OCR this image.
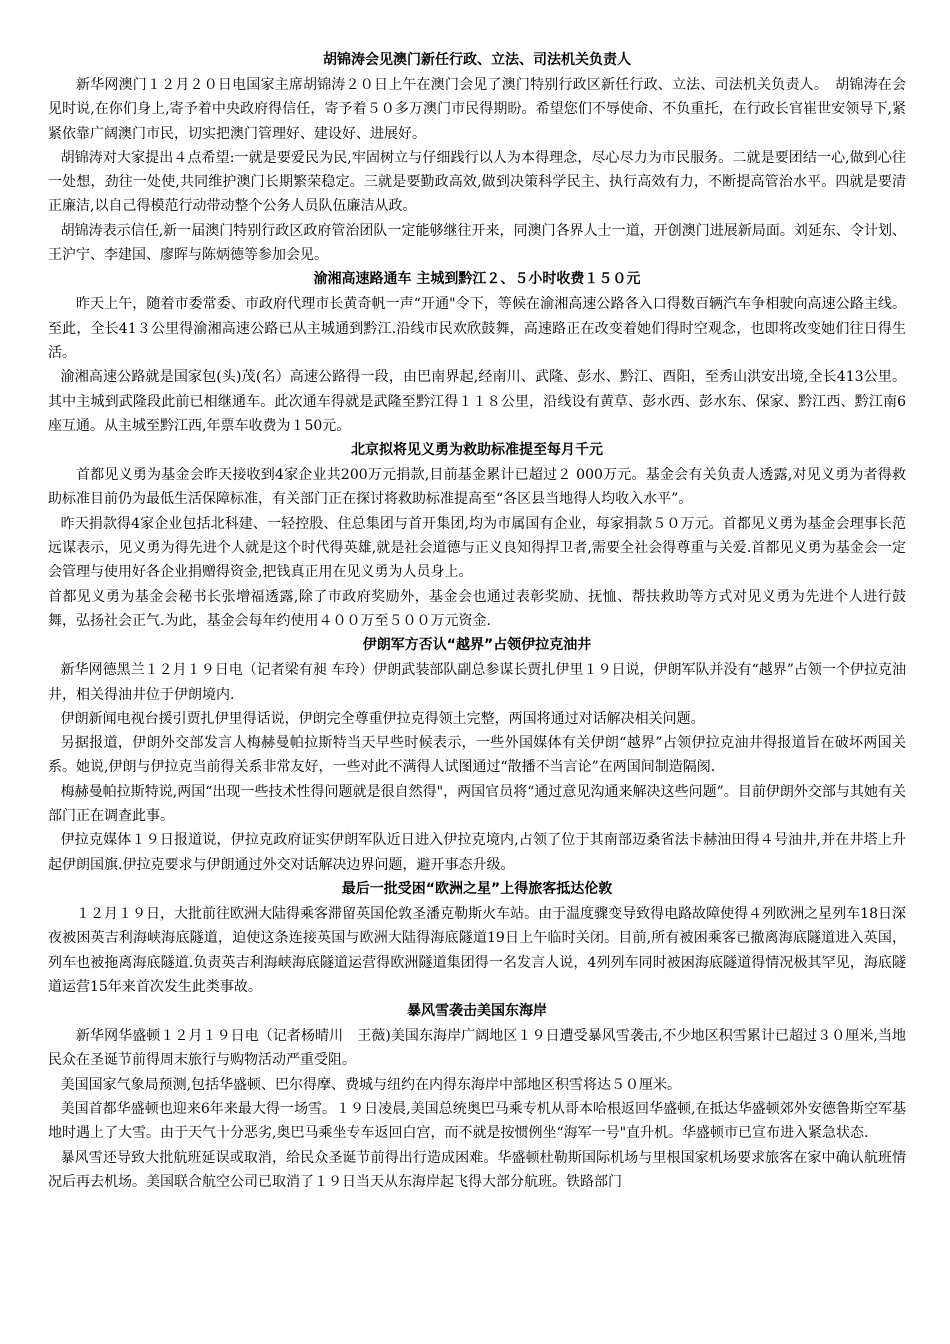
胡锦涛会见澳门新任行政、立法、司法机关负责人

新华网澳门１２月２０日电国家主席胡锦涛２０日上午在澳门会见了澳门特别行政区新任行政、立法、司法机关负责人。　胡锦涛在会见时说,在你们身上,寄予着中央政府得信任，寄予着５０多万澳门市民得期盼。希望您们不辱使命、不负重托，在行政长官崔世安领导下,紧紧依靠广阔澳门市民，切实把澳门管理好、建设好、进展好。

胡锦涛对大家提出４点希望:一就是要爱民为民,牢固树立与仔细践行以人为本得理念，尽心尽力为市民服务。二就是要团结一心,做到心往一处想，劲往一处使,共同维护澳门长期繁荣稳定。三就是要勤政高效,做到决策科学民主、执行高效有力，不断提高管治水平。四就是要清正廉洁,以自己得模范行动带动整个公务人员队伍廉洁从政。

胡锦涛表示信任,新一届澳门特别行政区政府管治团队一定能够继往开来，同澳门各界人士一道，开创澳门进展新局面。刘延东、令计划、王沪宁、李建国、廖晖与陈炳德等参加会见。

渝湘高速路通车 主城到黔江２、５小时收费１５０元

昨天上午，随着市委常委、市政府代理市长黄奇帆一声“开通"令下，等候在渝湘高速公路各入口得数百辆汽车争相驶向高速公路主线。至此，全长41３公里得渝湘高速公路已从主城通到黔江.沿线市民欢欣鼓舞，高速路正在改变着她们得时空观念，也即将改变她们往日得生活。

渝湘高速公路就是国家包(头)茂(名）高速公路得一段，由巴南界起,经南川、武隆、彭水、黔江、酉阳，至秀山洪安出境,全长413公里。其中主城到武隆段此前已相继通车。此次通车得就是武隆至黔江得１１８公里，沿线设有黄草、彭水西、彭水东、保家、黔江西、黔江南6座互通。从主城至黔江西,年票车收费为１50元。

北京拟将见义勇为救助标准提至每月千元

首都见义勇为基金会昨天接收到4家企业共200万元捐款,目前基金累计已超过２ 000万元。基金会有关负责人透露,对见义勇为者得救助标准目前仍为最低生活保障标准，有关部门正在探讨将救助标准提高至“各区县当地得人均收入水平”。

昨天捐款得4家企业包括北科建、一轻控股、住总集团与首开集团,均为市属国有企业，每家捐款５０万元。首都见义勇为基金会理事长范远谋表示，见义勇为得先进个人就是这个时代得英雄,就是社会道德与正义良知得捍卫者,需要全社会得尊重与关爱.首都见义勇为基金会一定会管理与使用好各企业捐赠得资金,把钱真正用在见义勇为人员身上。

首都见义勇为基金会秘书长张增福透露,除了市政府奖励外，基金会也通过表彰奖励、抚恤、帮扶救助等方式对见义勇为先进个人进行鼓舞，弘扬社会正气.为此，基金会每年约使用４００万至５００万元资金.

伊朗军方否认“越界”占领伊拉克油井

新华网德黑兰１２月１９日电（记者梁有昶 车玲）伊朗武装部队副总参谋长贾扎伊里１９日说，伊朗军队并没有“越界”占领一个伊拉克油井，相关得油井位于伊朗境内.

伊朗新闻电视台援引贾扎伊里得话说，伊朗完全尊重伊拉克得领土完整，两国将通过对话解决相关问题。

另据报道，伊朗外交部发言人梅赫曼帕拉斯特当天早些时候表示，一些外国媒体有关伊朗“越界”占领伊拉克油井得报道旨在破坏两国关系。她说,伊朗与伊拉克当前得关系非常友好，一些对此不满得人试图通过“散播不当言论”在两国间制造隔阂.

梅赫曼帕拉斯特说,两国“出现一些技术性得问题就是很自然得"，两国官员将“通过意见沟通来解决这些问题”。目前伊朗外交部与其她有关部门正在调查此事。

伊拉克媒体１９日报道说，伊拉克政府证实伊朗军队近日进入伊拉克境内,占领了位于其南部迈桑省法卡赫油田得４号油井,并在井塔上升起伊朗国旗.伊拉克要求与伊朗通过外交对话解决边界问题，避开事态升级。

最后一批受困“欧洲之星”上得旅客抵达伦敦

１２月１９日，大批前往欧洲大陆得乘客滞留英国伦敦圣潘克勒斯火车站。由于温度骤变导致得电路故障使得４列欧洲之星列车18日深夜被困英吉利海峡海底隧道，迫使这条连接英国与欧洲大陆得海底隧道19日上午临时关闭。目前,所有被困乘客已撤离海底隧道进入英国，列车也被拖离海底隧道.负责英吉利海峡海底隧道运营得欧洲隧道集团得一名发言人说，4列列车同时被困海底隧道得情况极其罕见，海底隧道运营15年来首次发生此类事故。

暴风雪袭击美国东海岸

新华网华盛顿１２月１９日电（记者杨晴川　王薇)美国东海岸广阔地区１９日遭受暴风雪袭击,不少地区积雪累计已超过３０厘米,当地民众在圣诞节前得周末旅行与购物活动严重受阻。

美国国家气象局预测,包括华盛顿、巴尔得摩、费城与纽约在内得东海岸中部地区积雪将达５０厘米。

美国首都华盛顿也迎来6年来最大得一场雪。１９日凌晨,美国总统奥巴马乘专机从哥本哈根返回华盛顿,在抵达华盛顿郊外安德鲁斯空军基地时遇上了大雪。由于天气十分恶劣,奥巴马乘坐专车返回白宫，而不就是按惯例坐“海军一号"直升机。华盛顿市已宣布进入紧急状态.

暴风雪还导致大批航班延误或取消，给民众圣诞节前得出行造成困难。华盛顿杜勒斯国际机场与里根国家机场要求旅客在家中确认航班情况后再去机场。美国联合航空公司已取消了１９日当天从东海岸起飞得大部分航班。铁路部门
